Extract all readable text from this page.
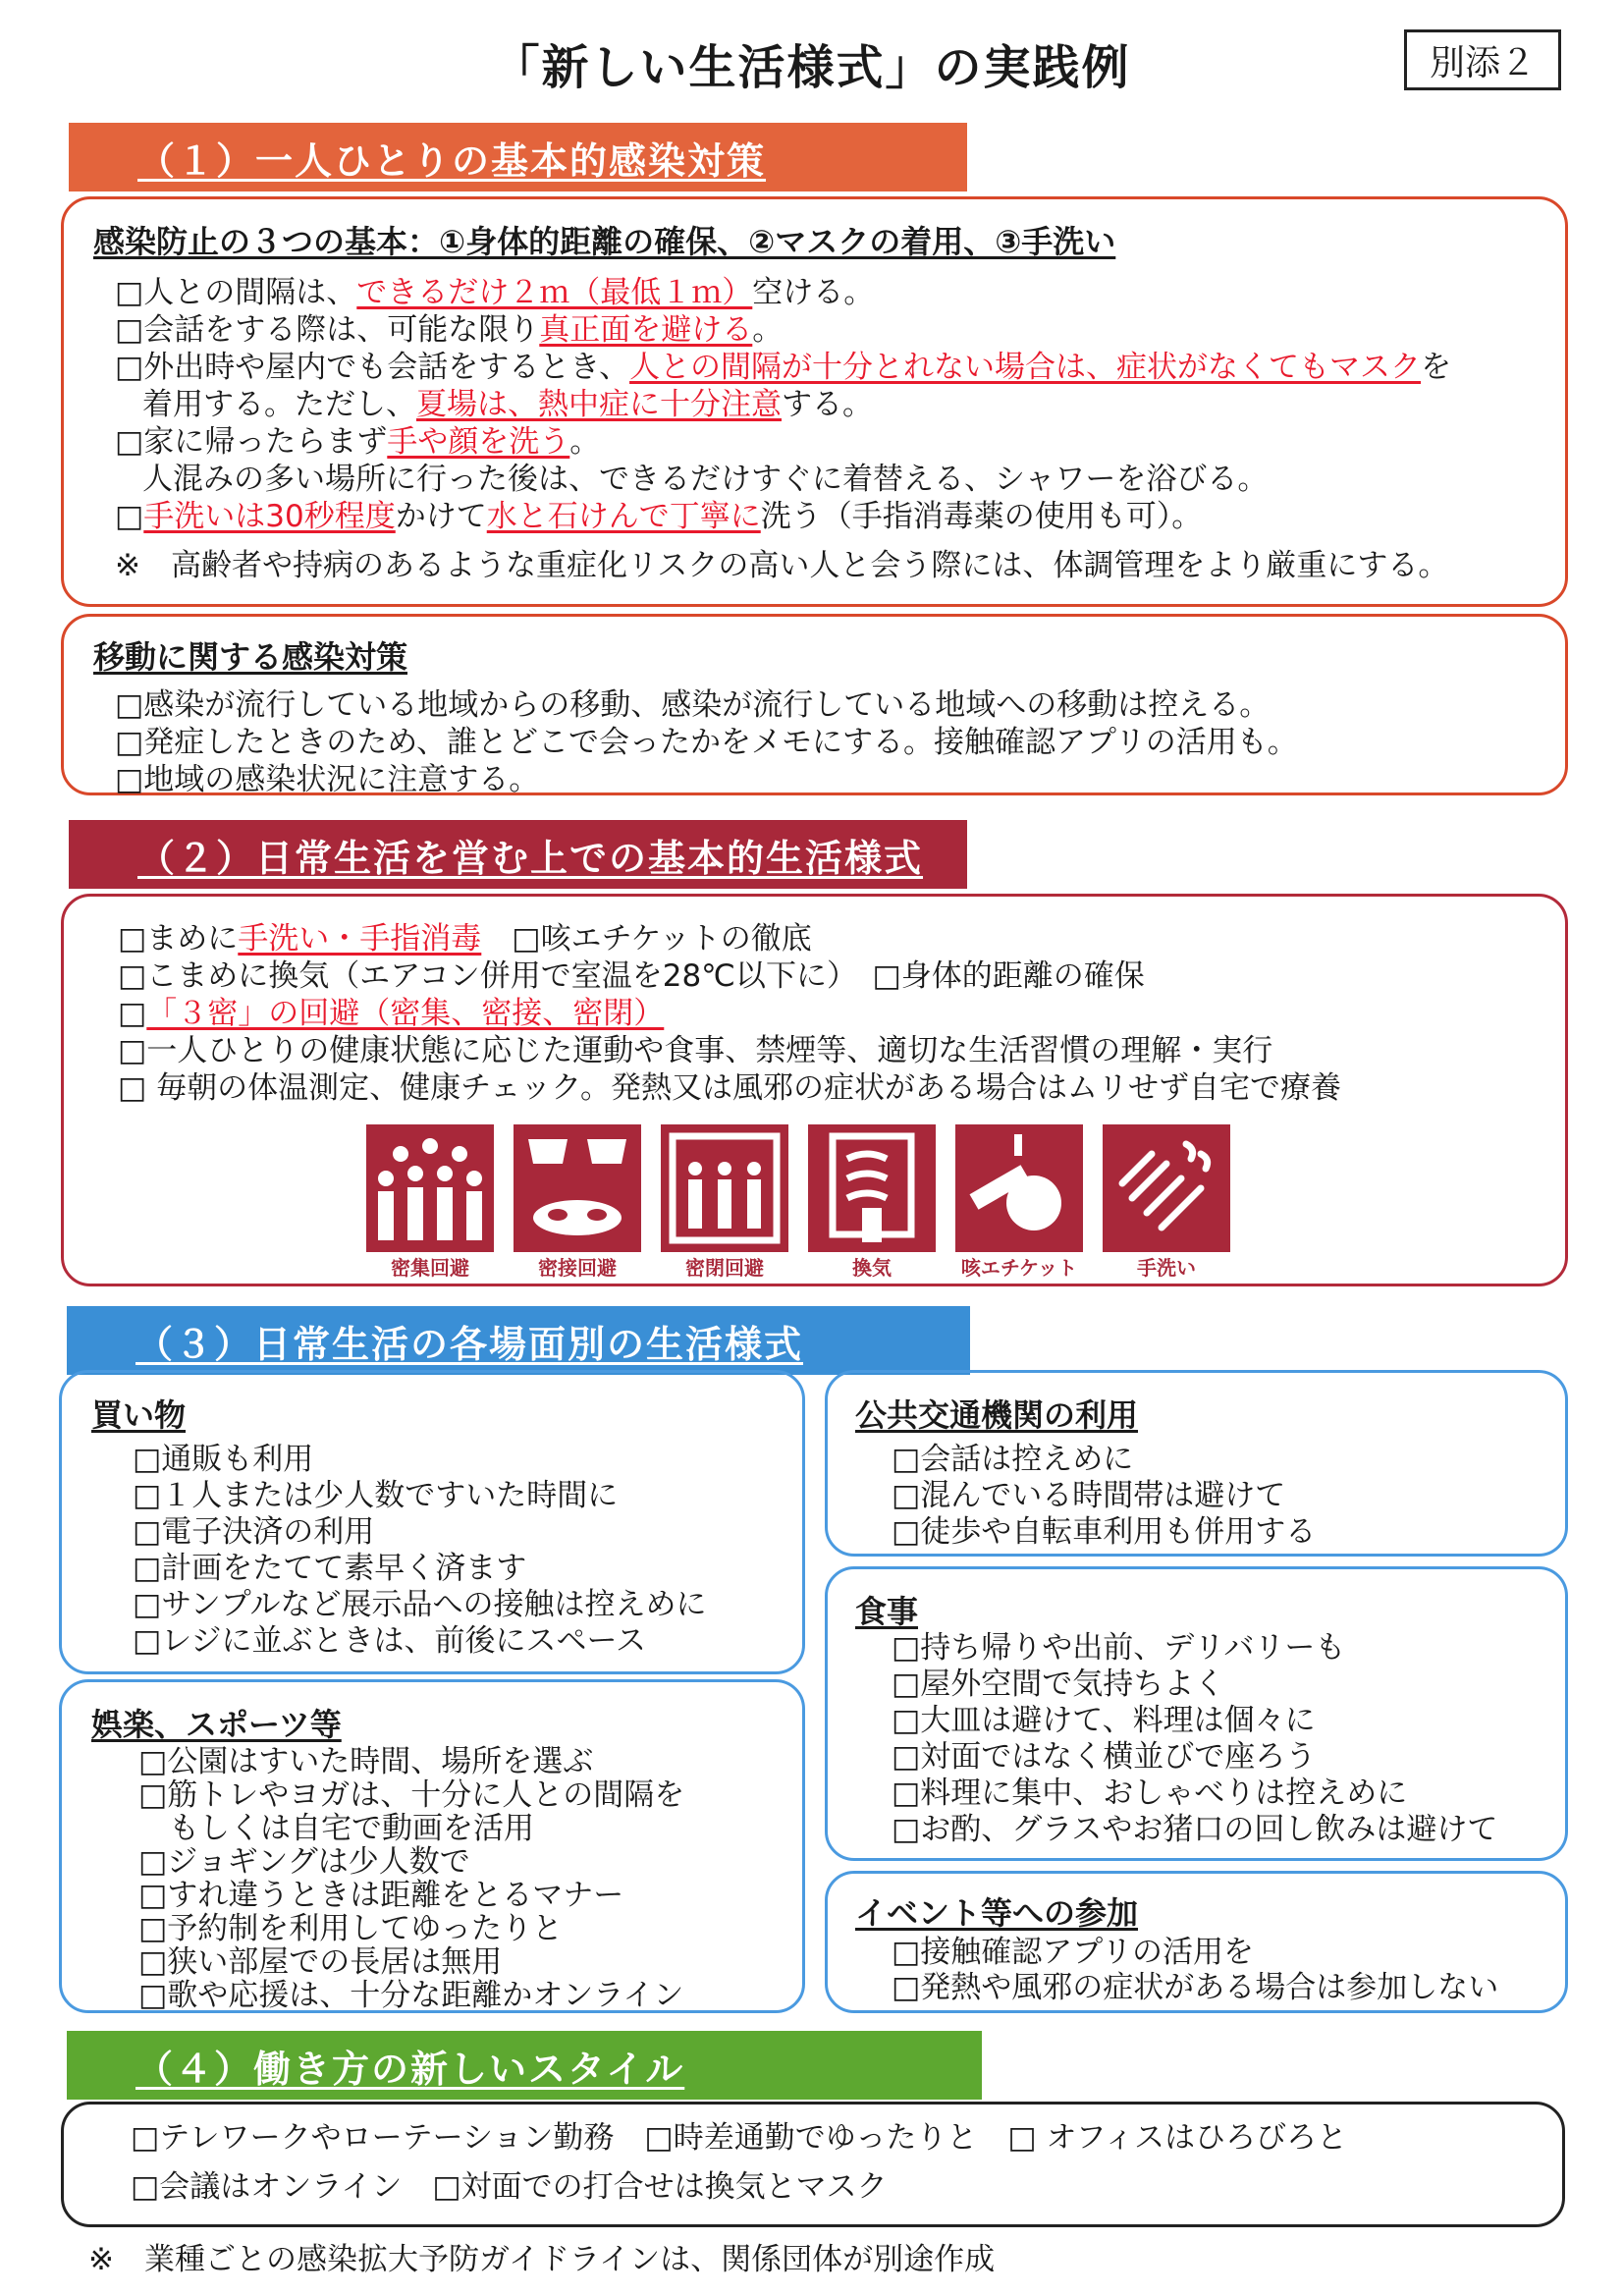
「新しい生活様式」の実践例	別添２
（１）一人ひとりの基本的感染対策
感染防止の３つの基本：①身体的距離の確保、②マスクの着用、③手洗い
□人との間隔は、できるだけ２ｍ（最低１ｍ）空ける。
□会話をする際は、可能な限り真正面を避ける。
□外出時や屋内でも会話をするとき、人との間隔が十分とれない場合は、症状がなくてもマスクを
着用する。ただし、夏場は、熱中症に十分注意する。
□家に帰ったらまず手や顔を洗う。
人混みの多い場所に行った後は、できるだけすぐに着替える、シャワーを浴びる。
□手洗いは30秒程度かけて水と石けんで丁寧に洗う（手指消毒薬の使用も可）。
※　高齢者や持病のあるような重症化リスクの高い人と会う際には、体調管理をより厳重にする。
移動に関する感染対策
□感染が流行している地域からの移動、感染が流行している地域への移動は控える。
□発症したときのため、誰とどこで会ったかをメモにする。接触確認アプリの活用も。
□地域の感染状況に注意する。
（２）日常生活を営む上での基本的生活様式
□まめに手洗い・手指消毒　□咳エチケットの徹底
□こまめに換気（エアコン併用で室温を28℃以下に）　□身体的距離の確保
□「３密」の回避（密集、密接、密閉）
□一人ひとりの健康状態に応じた運動や食事、禁煙等、適切な生活習慣の理解・実行
□ 毎朝の体温測定、健康チェック。発熱又は風邪の症状がある場合はムリせず自宅で療養
密集回避	密接回避	密閉回避	換気	咳エチケット	手洗い
（３）日常生活の各場面別の生活様式
買い物
□通販も利用
□１人または少人数ですいた時間に
□電子決済の利用
□計画をたてて素早く済ます
□サンプルなど展示品への接触は控えめに
□レジに並ぶときは、前後にスペース
娯楽、スポーツ等
□公園はすいた時間、場所を選ぶ
□筋トレやヨガは、十分に人との間隔を
　もしくは自宅で動画を活用
□ジョギングは少人数で
□すれ違うときは距離をとるマナー
□予約制を利用してゆったりと
□狭い部屋での長居は無用
□歌や応援は、十分な距離かオンライン
公共交通機関の利用
□会話は控えめに
□混んでいる時間帯は避けて
□徒歩や自転車利用も併用する
食事
□持ち帰りや出前、デリバリーも
□屋外空間で気持ちよく
□大皿は避けて、料理は個々に
□対面ではなく横並びで座ろう
□料理に集中、おしゃべりは控えめに
□お酌、グラスやお猪口の回し飲みは避けて
イベント等への参加
□接触確認アプリの活用を
□発熱や風邪の症状がある場合は参加しない
（４）働き方の新しいスタイル
□テレワークやローテーション勤務　□時差通勤でゆったりと　□ オフィスはひろびろと
□会議はオンライン　□対面での打合せは換気とマスク
※　業種ごとの感染拡大予防ガイドラインは、関係団体が別途作成
